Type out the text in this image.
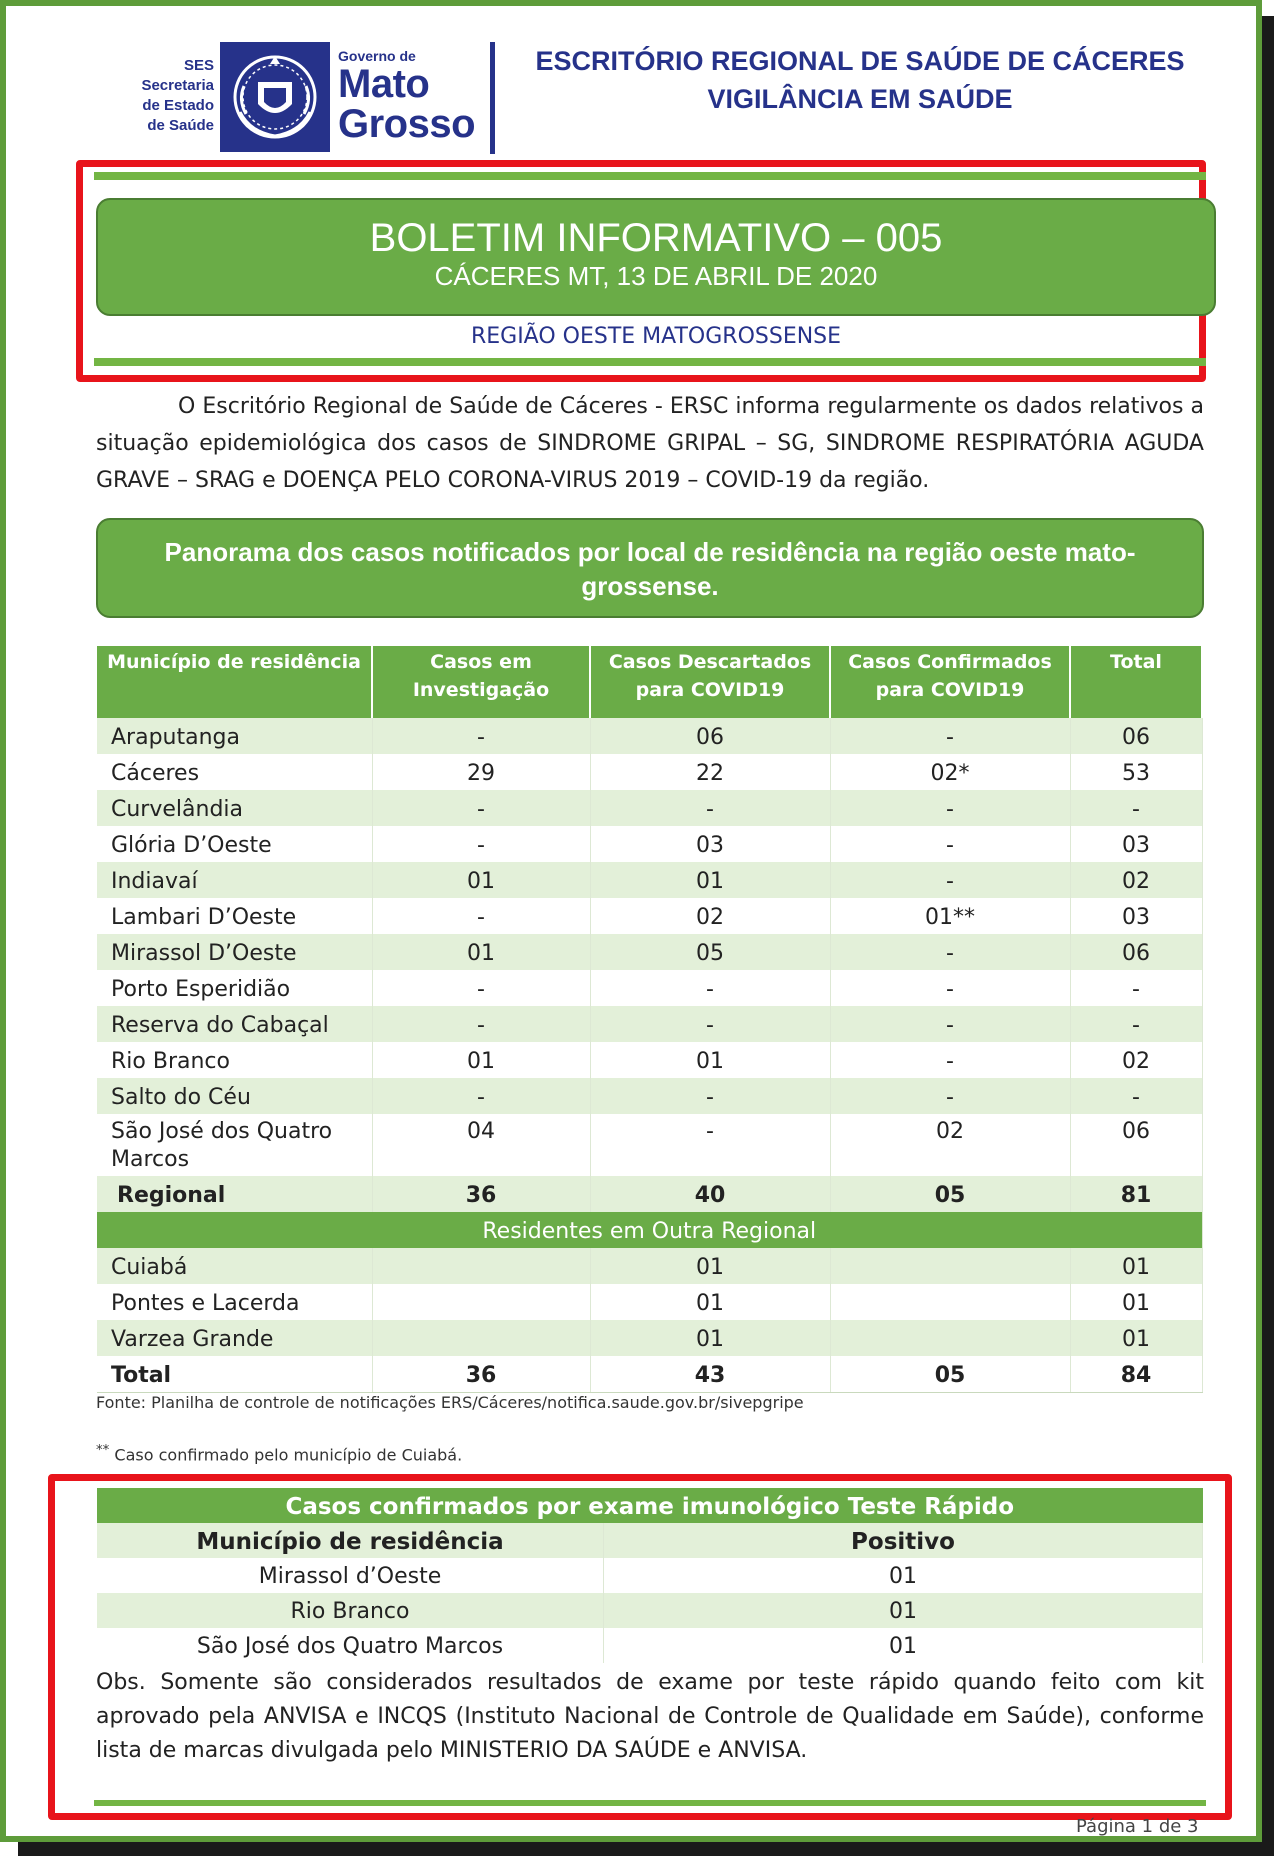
SES
Secretaria
de Estado
de Saúde
Governo de
Mato
Grosso
ESCRITÓRIO REGIONAL DE SAÚDE DE CÁCERES
VIGILÂNCIA EM SAÚDE
BOLETIM INFORMATIVO – 005
CÁCERES MT, 13 DE ABRIL DE 2020
REGIÃO OESTE MATOGROSSENSE
O Escritório Regional de Saúde de Cáceres - ERSC informa regularmente os dados relativos a situação epidemiológica dos casos de SINDROME GRIPAL – SG, SINDROME RESPIRATÓRIA AGUDA GRAVE – SRAG e DOENÇA PELO CORONA-VIRUS 2019 – COVID-19 da região.
Panorama dos casos notificados por local de residência na região oeste mato-grossense.
Município de residência	Casos em Investigação	Casos Descartados para COVID19	Casos Confirmados para COVID19	Total
Araputanga	-	06	-	06
Cáceres	29	22	02*	53
Curvelândia	-	-	-	-
Glória D’Oeste	-	03	-	03
Indiavaí	01	01	-	02
Lambari D’Oeste	-	02	01**	03
Mirassol D’Oeste	01	05	-	06
Porto Esperidião	-	-	-	-
Reserva do Cabaçal	-	-	-	-
Rio Branco	01	01	-	02
Salto do Céu	-	-	-	-
São José dos Quatro Marcos	04	-	02	06
Regional	36	40	05	81
Residentes em Outra Regional				
Cuiabá		01		01
Pontes e Lacerda		01		01
Varzea Grande		01		01
Total	36	43	05	84
Fonte: Planilha de controle de notificações ERS/Cáceres/notifica.saude.gov.br/sivepgripe
** Caso confirmado pelo município de Cuiabá.
Casos confirmados por exame imunológico Teste Rápido	
Município de residência	Positivo
Mirassol d’Oeste	01
Rio Branco	01
São José dos Quatro Marcos	01
Obs. Somente são considerados resultados de exame por teste rápido quando feito com kit aprovado pela ANVISA e INCQS (Instituto Nacional de Controle de Qualidade em Saúde), conforme lista de marcas divulgada pelo MINISTERIO DA SAÚDE e ANVISA.
Página 1 de 3
